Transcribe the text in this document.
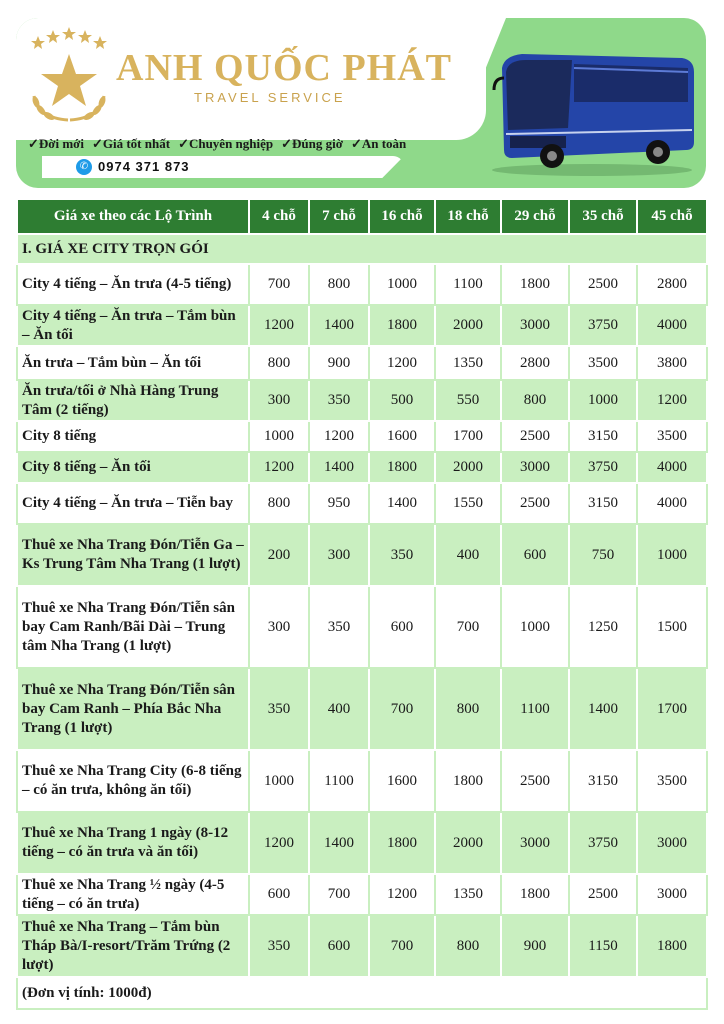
ANH QUỐC PHÁT
TRAVEL SERVICE
✓Đời mới ✓Giá tốt nhất ✓Chuyên nghiệp ✓Đúng giờ ✓An toàn
✆ 0974 371 873
Giá xe theo các Lộ Trình	4 chỗ	7 chỗ	16 chỗ	18 chỗ	29 chỗ	35 chỗ	45 chỗ
I. GIÁ XE CITY TRỌN GÓI							
City 4 tiếng – Ăn trưa (4-5 tiếng)	700	800	1000	1100	1800	2500	2800
City 4 tiếng – Ăn trưa – Tắm bùn – Ăn tối	1200	1400	1800	2000	3000	3750	4000
Ăn trưa – Tắm bùn – Ăn tối	800	900	1200	1350	2800	3500	3800
Ăn trưa/tối ở Nhà Hàng Trung Tâm (2 tiếng)	300	350	500	550	800	1000	1200
City 8 tiếng	1000	1200	1600	1700	2500	3150	3500
City 8 tiếng – Ăn tối	1200	1400	1800	2000	3000	3750	4000
City 4 tiếng – Ăn trưa – Tiễn bay	800	950	1400	1550	2500	3150	4000
Thuê xe Nha Trang Đón/Tiễn Ga – Ks Trung Tâm Nha Trang (1 lượt)	200	300	350	400	600	750	1000
Thuê xe Nha Trang Đón/Tiễn sân bay Cam Ranh/Bãi Dài – Trung tâm Nha Trang (1 lượt)	300	350	600	700	1000	1250	1500
Thuê xe Nha Trang Đón/Tiễn sân bay Cam Ranh – Phía Bắc Nha Trang (1 lượt)	350	400	700	800	1100	1400	1700
Thuê xe Nha Trang City (6-8 tiếng – có ăn trưa, không ăn tối)	1000	1100	1600	1800	2500	3150	3500
Thuê xe Nha Trang 1 ngày (8-12 tiếng – có ăn trưa và ăn tối)	1200	1400	1800	2000	3000	3750	3000
Thuê xe Nha Trang ½ ngày (4-5 tiếng – có ăn trưa)	600	700	1200	1350	1800	2500	3000
Thuê xe Nha Trang – Tắm bùn Tháp Bà/I-resort/Trăm Trứng (2 lượt)	350	600	700	800	900	1150	1800
(Đơn vị tính: 1000đ)							
